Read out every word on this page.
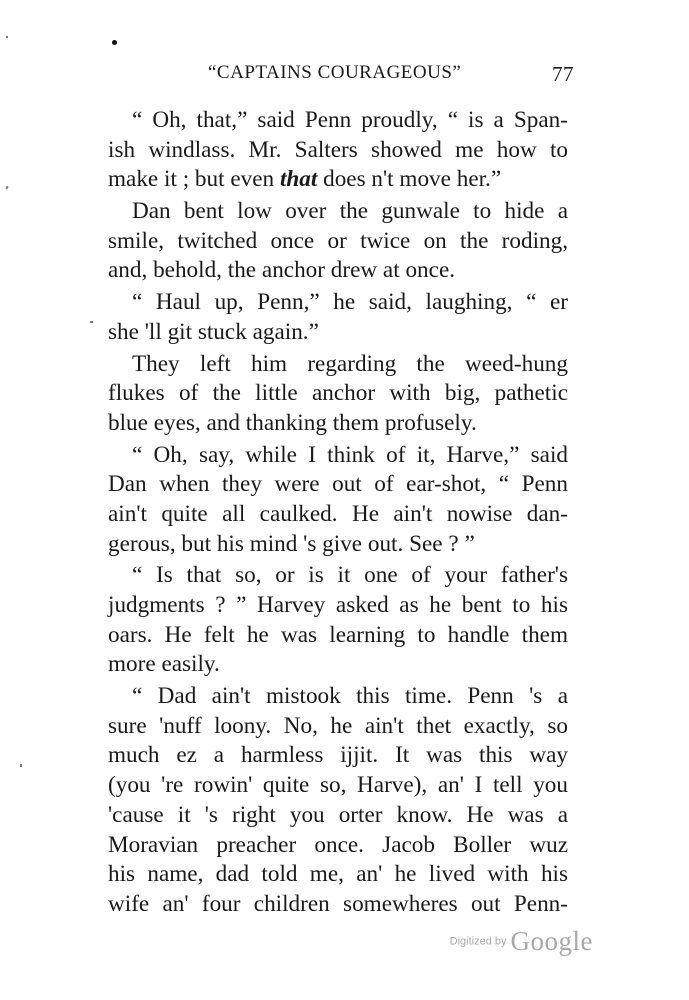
“CAPTAINS COURAGEOUS”	77
“ Oh, that,” said Penn proudly, “ is a Span-
ish windlass. Mr. Salters showed me how to
make it ; but even that does n't move her.”
Dan bent low over the gunwale to hide a
smile, twitched once or twice on the roding,
and, behold, the anchor drew at once.
“ Haul up, Penn,” he said, laughing, “ er
she 'll git stuck again.”
They left him regarding the weed-hung
flukes of the little anchor with big, pathetic
blue eyes, and thanking them profusely.
“ Oh, say, while I think of it, Harve,” said
Dan when they were out of ear-shot, “ Penn
ain't quite all caulked. He ain't nowise dan-
gerous, but his mind 's give out. See ? ”
“ Is that so, or is it one of your father's
judgments ? ” Harvey asked as he bent to his
oars. He felt he was learning to handle them
more easily.
“ Dad ain't mistook this time. Penn 's a
sure 'nuff loony. No, he ain't thet exactly, so
much ez a harmless ijjit. It was this way
(you 're rowin' quite so, Harve), an' I tell you
'cause it 's right you orter know. He was a
Moravian preacher once. Jacob Boller wuz
his name, dad told me, an' he lived with his
wife an' four children somewheres out Penn-
Digitized by Google
